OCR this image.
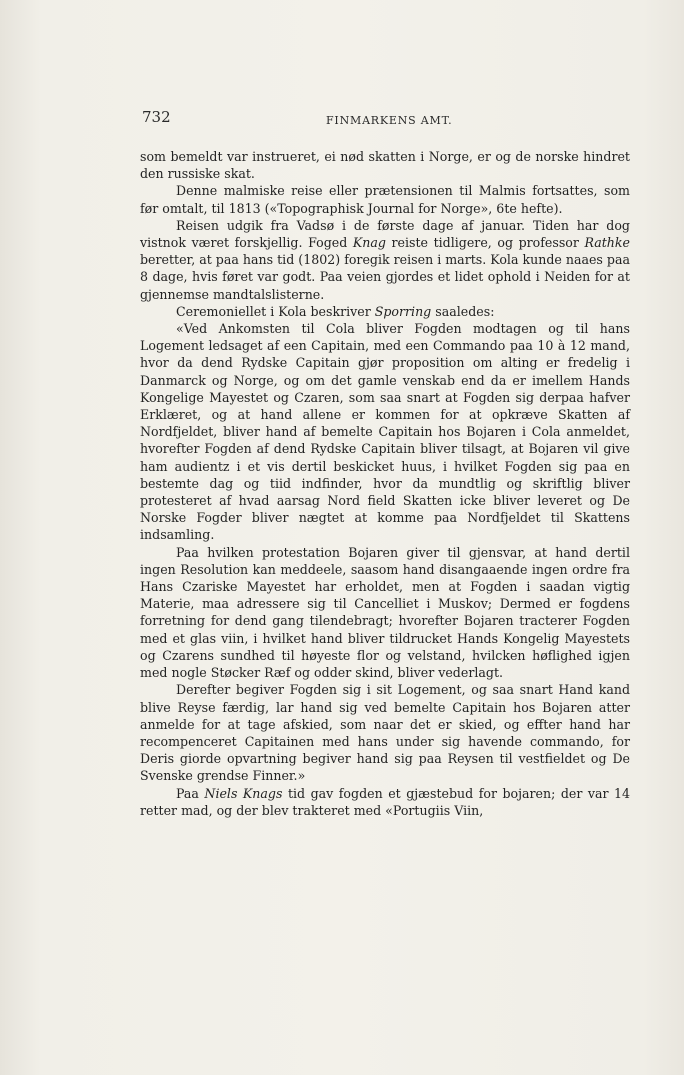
732	FINMARKENS AMT.

som bemeldt var instrueret, ei nød skatten i Norge, er og de norske hindret den russiske skat.

Denne malmiske reise eller prætensionen til Malmis fortsattes, som før omtalt, til 1813 («Topographisk Journal for Norge», 6te hefte).

Reisen udgik fra Vadsø i de første dage af januar. Tiden har dog vistnok været forskjellig. Foged Knag reiste tidligere, og professor Rathke beretter, at paa hans tid (1802) foregik reisen i marts. Kola kunde naaes paa 8 dage, hvis føret var godt. Paa veien gjordes et lidet ophold i Neiden for at gjennemse mandtalslisterne.

Ceremoniellet i Kola beskriver Sporring saaledes:

«Ved Ankomsten til Cola bliver Fogden modtagen og til hans Logement ledsaget af een Capitain, med een Commando paa 10 à 12 mand, hvor da dend Rydske Capitain gjør proposition om alting er fredelig i Danmarck og Norge, og om det gamle venskab end da er imellem Hands Kongelige Mayestet og Czaren, som saa snart at Fogden sig derpaa hafver Erklæret, og at hand allene er kommen for at opkræve Skatten af Nordfjeldet, bliver hand af bemelte Capitain hos Bojaren i Cola anmeldet, hvorefter Fogden af dend Rydske Capitain bliver tilsagt, at Bojaren vil give ham audientz i et vis dertil beskicket huus, i hvilket Fogden sig paa en bestemte dag og tiid indfinder, hvor da mundtlig og skriftlig bliver protesteret af hvad aarsag Nord field Skatten icke bliver leveret og De Norske Fogder bliver nægtet at komme paa Nordfjeldet til Skattens indsamling.

Paa hvilken protestation Bojaren giver til gjensvar, at hand dertil ingen Resolution kan meddeele, saasom hand disangaaende ingen ordre fra Hans Czariske Mayestet har erholdet, men at Fogden i saadan vigtig Materie, maa adressere sig til Cancelliet i Muskov; Dermed er fogdens forretning for dend gang tilendebragt; hvorefter Bojaren tracterer Fogden med et glas viin, i hvilket hand bliver tildrucket Hands Kongelig Mayestets og Czarens sundhed til høyeste flor og velstand, hvilcken høflighed igjen med nogle Støcker Ræf og odder skind, bliver vederlagt.

Derefter begiver Fogden sig i sit Logement, og saa snart Hand kand blive Reyse færdig, lar hand sig ved bemelte Capitain hos Bojaren atter anmelde for at tage afskied, som naar det er skied, og effter hand har recompenceret Capitainen med hans under sig havende commando, for Deris giorde opvartning begiver hand sig paa Reysen til vestfieldet og De Svenske grendse Finner.»

Paa Niels Knags tid gav fogden et gjæstebud for bojaren; der var 14 retter mad, og der blev trakteret med «Portugiis Viin,
